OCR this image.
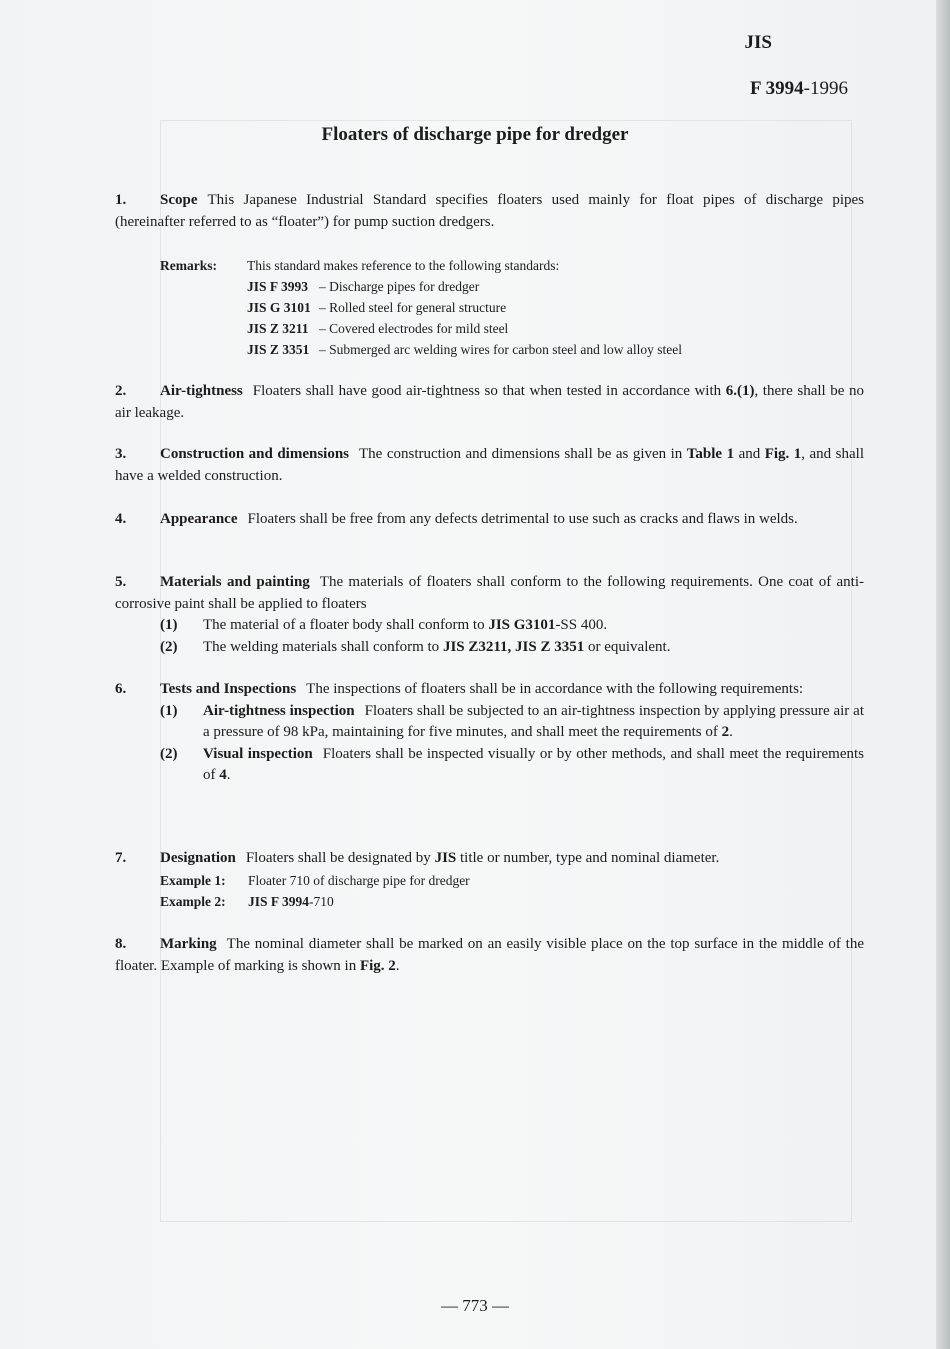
JIS
F 3994-1996
Floaters of discharge pipe for dredger
1. Scope This Japanese Industrial Standard specifies floaters used mainly for float pipes of discharge pipes (hereinafter referred to as “floater”) for pump suction dredgers.
Remarks:	This standard makes reference to the following standards:
JIS F 3993 – Discharge pipes for dredger
JIS G 3101 – Rolled steel for general structure
JIS Z 3211 – Covered electrodes for mild steel
JIS Z 3351 – Submerged arc welding wires for carbon steel and low alloy steel
2. Air-tightness Floaters shall have good air-tightness so that when tested in accordance with 6.(1), there shall be no air leakage.
3. Construction and dimensions The construction and dimensions shall be as given in Table 1 and Fig. 1, and shall have a welded construction.
4. Appearance Floaters shall be free from any defects detrimental to use such as cracks and flaws in welds.
5. Materials and painting The materials of floaters shall conform to the following requirements. One coat of anti-corrosive paint shall be applied to floaters
(1) The material of a floater body shall conform to JIS G3101-SS 400.
(2) The welding materials shall conform to JIS Z3211, JIS Z 3351 or equivalent.
6. Tests and Inspections The inspections of floaters shall be in accordance with the following requirements:
(1) Air-tightness inspection Floaters shall be subjected to an air-tightness inspection by applying pressure air at a pressure of 98 kPa, maintaining for five minutes, and shall meet the requirements of 2.
(2) Visual inspection Floaters shall be inspected visually or by other methods, and shall meet the requirements of 4.
7. Designation Floaters shall be designated by JIS title or number, type and nominal diameter.
Example 1: Floater 710 of discharge pipe for dredger
Example 2: JIS F 3994-710
8. Marking The nominal diameter shall be marked on an easily visible place on the top surface in the middle of the floater. Example of marking is shown in Fig. 2.
— 773 —
